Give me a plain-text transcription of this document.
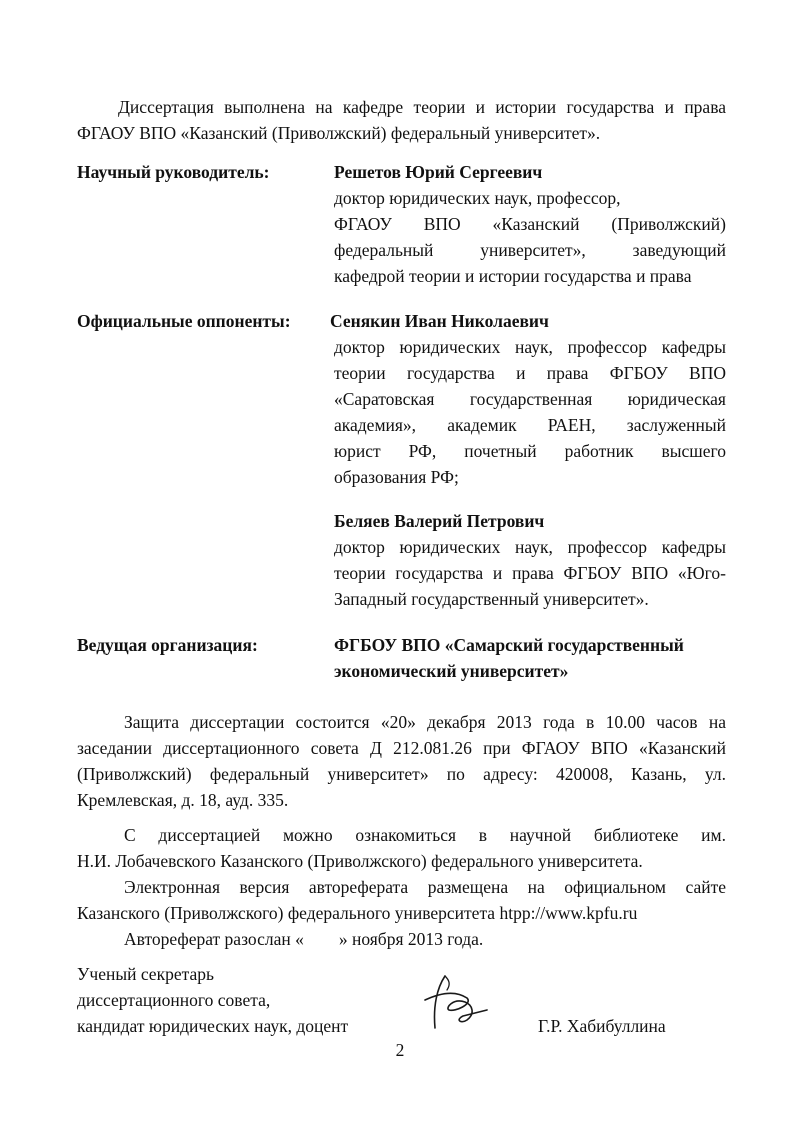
Диссертация выполнена на кафедре теории и истории государства и права

ФГАОУ ВПО «Казанский (Приволжский) федеральный университет».

Научный руководитель:	Решетов Юрий Сергеевич
доктор юридических наук, профессор,
ФГАОУ ВПО «Казанский (Приволжский)
федеральный университет», заведующий
кафедрой теории и истории государства и права
Официальные оппоненты: Сенякин Иван Николаевич
доктор юридических наук, профессор кафедры
теории государства и права ФГБОУ ВПО
«Саратовская государственная юридическая
академия», академик РАЕН, заслуженный
юрист РФ, почетный работник высшего
образования РФ;
Беляев Валерий Петрович
доктор юридических наук, профессор кафедры
теории государства и права ФГБОУ ВПО «Юго-
Западный государственный университет».
Ведущая организация:	ФГБОУ ВПО «Самарский государственный
экономический университет»

Защита диссертации состоится «20» декабря 2013 года в 10.00 часов на

заседании диссертационного совета Д 212.081.26 при ФГАОУ ВПО «Казанский

(Приволжский) федеральный университет» по адресу: 420008, Казань, ул.

Кремлевская, д. 18, ауд. 335.

С диссертацией можно ознакомиться в научной библиотеке им.

Н.И. Лобачевского Казанского (Приволжского) федерального университета.

Электронная версия автореферата размещена на официальном сайте

Казанского (Приволжского) федерального университета htpp://www.kpfu.ru

Автореферат разослан «        » ноября 2013 года.

Ученый секретарь

диссертационного совета,

кандидат юридических наук, доцент	Г.Р. Хабибуллина

2
